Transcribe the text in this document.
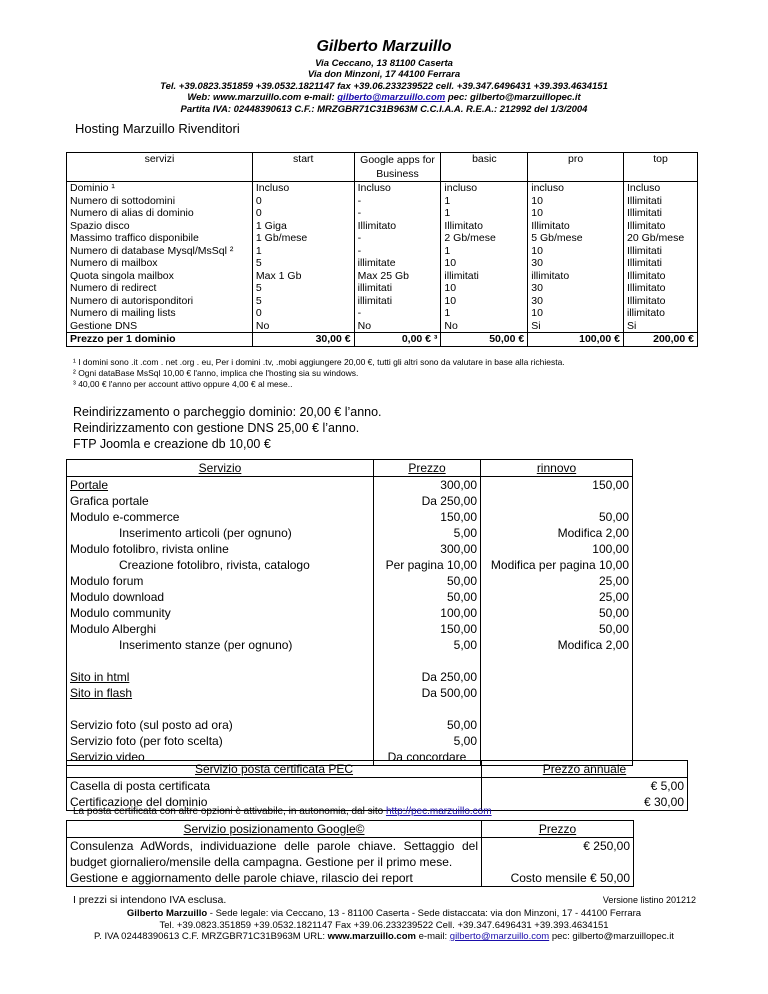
Gilberto Marzuillo
Via Ceccano, 13 81100 Caserta
Via don Minzoni, 17 44100 Ferrara
Tel. +39.0823.351859 +39.0532.1821147 fax +39.06.233239522 cell. +39.347.6496431 +39.393.4634151
Web: www.marzuillo.com e-mail: gilberto@marzuillo.com pec: gilberto@marzuillopec.it
Partita IVA: 02448390613 C.F.: MRZGBR71C31B963M C.C.I.A.A. R.E.A.: 212992 del 1/3/2004
Hosting Marzuillo Rivenditori
servizi	start	Google apps for Business	basic	pro	top
Dominio ¹	Incluso	Incluso	incluso	incluso	Incluso
Numero di sottodomini	0	-	1	10	Illimitati
Numero di alias di dominio	0	-	1	10	Illimitati
Spazio disco	1 Giga	Illimitato	Illimitato	Illimitato	Illimitato
Massimo traffico disponibile	1 Gb/mese	-	2 Gb/mese	5 Gb/mese	20 Gb/mese
Numero di database Mysql/MsSql ²	1	-	1	10	Illimitati
Numero di mailbox	5	illimitate	10	30	Illimitati
Quota singola mailbox	Max 1 Gb	Max 25 Gb	illimitati	illimitato	Illimitato
Numero di redirect	5	illimitati	10	30	Illimitato
Numero di autorisponditori	5	illimitati	10	30	Illimitato
Numero di mailing lists	0	-	1	10	illimitato
Gestione DNS	No	No	No	Si	Si
Prezzo per 1 dominio	30,00 €	0,00 € ³	50,00 €	100,00 €	200,00 €
¹ I domini sono .it .com . net .org . eu, Per i domini .tv, .mobi aggiungere 20,00 €, tutti gli altri sono da valutare in base alla richiesta.
² Ogni dataBase MsSql 10,00 € l'anno, implica che l'hosting sia su windows.
³ 40,00 € l'anno per account attivo oppure 4,00 € al mese..
Reindirizzamento o parcheggio dominio: 20,00 € l’anno.
Reindirizzamento con gestione DNS 25,00 € l’anno.
FTP Joomla e creazione db 10,00 €
Servizio	Prezzo	rinnovo
Portale	300,00	150,00
Grafica portale	Da 250,00	
Modulo e-commerce	150,00	50,00
Inserimento articoli (per ognuno)	5,00	Modifica 2,00
Modulo fotolibro, rivista online	300,00	100,00
Creazione fotolibro, rivista, catalogo	Per pagina 10,00	Modifica per pagina 10,00
Modulo forum	50,00	25,00
Modulo download	50,00	25,00
Modulo community	100,00	50,00
Modulo Alberghi	150,00	50,00
Inserimento stanze (per ognuno)	5,00	Modifica 2,00

Sito in html	Da 250,00	
Sito in flash	Da 500,00	

Servizio foto (sul posto ad ora)	50,00	
Servizio foto (per foto scelta)	5,00	
Servizio video	Da concordare	
Servizio posta certificata PEC	Prezzo annuale
Casella di posta certificata	€ 5,00
Certificazione del dominio	€ 30,00
La posta certificata con altre opzioni è attivabile, in autonomia, dal sito http://pec.marzuillo.com
Servizio posizionamento Google©	Prezzo
Consulenza AdWords, individuazione delle parole chiave. Settaggio del budget giornaliero/mensile della campagna. Gestione per il primo mese.	€ 250,00
Gestione e aggiornamento delle parole chiave, rilascio dei report	Costo mensile € 50,00
I prezzi si intendono IVA esclusa.	Versione listino 201212
Gilberto Marzuillo - Sede legale: via Ceccano, 13 - 81100 Caserta - Sede distaccata: via don Minzoni, 17 - 44100 Ferrara
Tel. +39.0823.351859 +39.0532.1821147 Fax +39.06.233239522 Cell. +39.347.6496431 +39.393.4634151
P. IVA 02448390613 C.F. MRZGBR71C31B963M URL: www.marzuillo.com e-mail: gilberto@marzuillo.com pec: gilberto@marzuillopec.it
